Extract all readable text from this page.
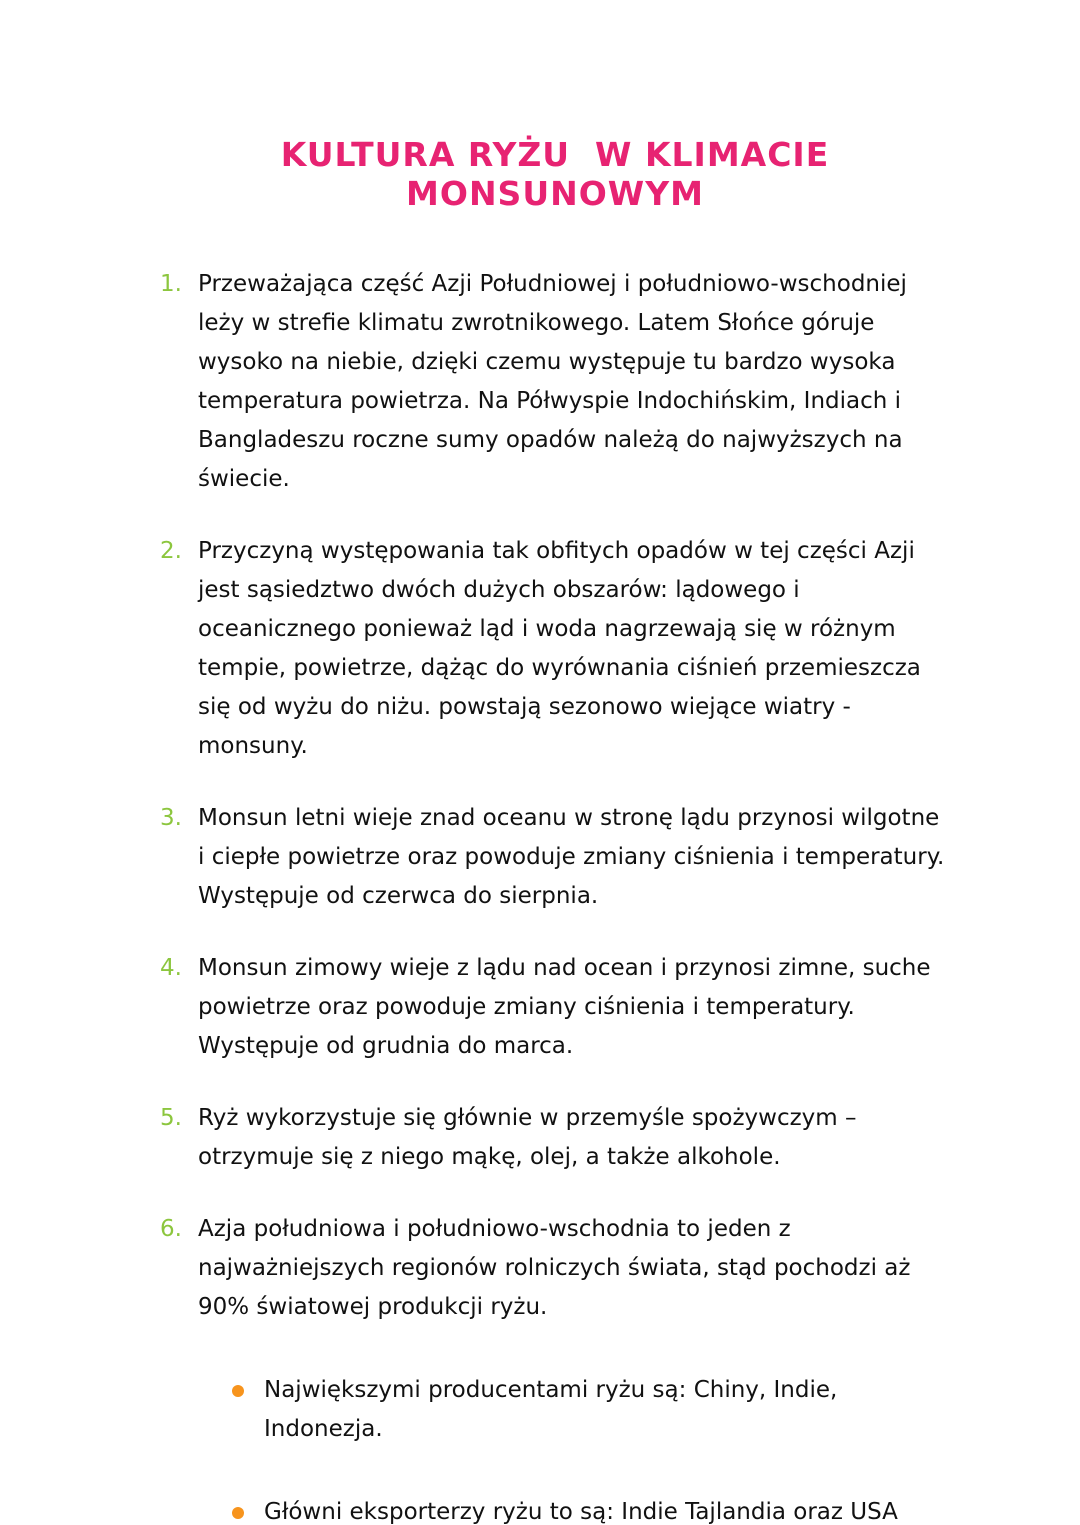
KULTURA RYŻU  W KLIMACIE MONSUNOWYM
1. Przeważająca część Azji Południowej i południowo-wschodniej leży w strefie klimatu zwrotnikowego. Latem Słońce góruje wysoko na niebie, dzięki czemu występuje tu bardzo wysoka temperatura powietrza. Na Półwyspie Indochińskim, Indiach i Bangladeszu roczne sumy opadów należą do najwyższych na świecie.
2. Przyczyną występowania tak obfitych opadów w tej części Azji jest sąsiedztwo dwóch dużych obszarów: lądowego i oceanicznego ponieważ ląd i woda nagrzewają się w różnym tempie, powietrze, dążąc do wyrównania ciśnień przemieszcza się od wyżu do niżu. powstają sezonowo wiejące wiatry - monsuny.
3. Monsun letni wieje znad oceanu w stronę lądu przynosi wilgotne i ciepłe powietrze oraz powoduje zmiany ciśnienia i temperatury. Występuje od czerwca do sierpnia.
4. Monsun zimowy wieje z lądu nad ocean i przynosi zimne, suche powietrze oraz powoduje zmiany ciśnienia i temperatury. Występuje od grudnia do marca.
5. Ryż wykorzystuje się głównie w przemyśle spożywczym – otrzymuje się z niego mąkę, olej, a także alkohole.
6. Azja południowa i południowo-wschodnia to jeden z najważniejszych regionów rolniczych świata, stąd pochodzi aż 90% światowej produkcji ryżu.
Największymi producentami ryżu są: Chiny, Indie, Indonezja.
Główni eksporterzy ryżu to są: Indie Tajlandia oraz USA
